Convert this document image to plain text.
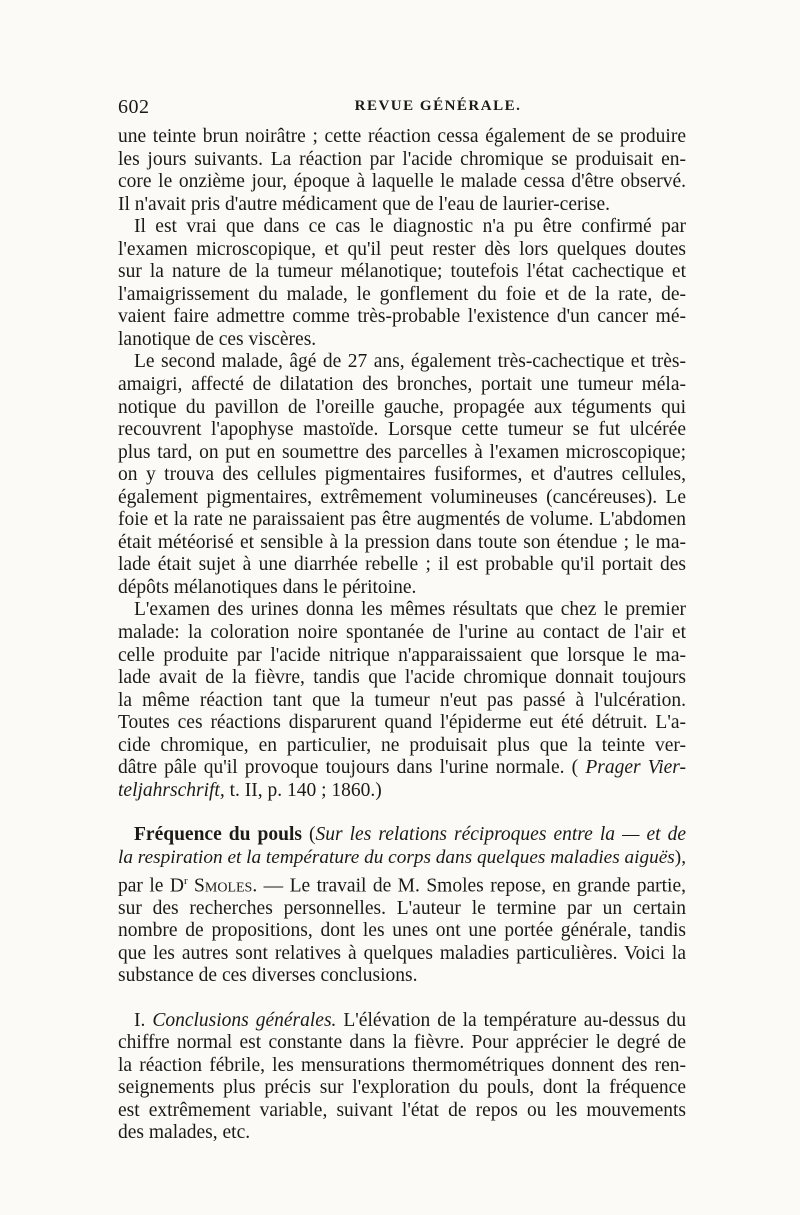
602	REVUE GÉNÉRALE.

une teinte brun noirâtre ; cette réaction cessa également de se produire
les jours suivants. La réaction par l'acide chromique se produisait en-
core le onzième jour, époque à laquelle le malade cessa d'être observé.
Il n'avait pris d'autre médicament que de l'eau de laurier-cerise.

Il est vrai que dans ce cas le diagnostic n'a pu être confirmé par
l'examen microscopique, et qu'il peut rester dès lors quelques doutes
sur la nature de la tumeur mélanotique; toutefois l'état cachectique et
l'amaigrissement du malade, le gonflement du foie et de la rate, de-
vaient faire admettre comme très-probable l'existence d'un cancer mé-
lanotique de ces viscères.

Le second malade, âgé de 27 ans, également très-cachectique et très-
amaigri, affecté de dilatation des bronches, portait une tumeur méla-
notique du pavillon de l'oreille gauche, propagée aux téguments qui
recouvrent l'apophyse mastoïde. Lorsque cette tumeur se fut ulcérée
plus tard, on put en soumettre des parcelles à l'examen microscopique;
on y trouva des cellules pigmentaires fusiformes, et d'autres cellules,
également pigmentaires, extrêmement volumineuses (cancéreuses). Le
foie et la rate ne paraissaient pas être augmentés de volume. L'abdomen
était météorisé et sensible à la pression dans toute son étendue ; le ma-
lade était sujet à une diarrhée rebelle ; il est probable qu'il portait des
dépôts mélanotiques dans le péritoine.

L'examen des urines donna les mêmes résultats que chez le premier
malade: la coloration noire spontanée de l'urine au contact de l'air et
celle produite par l'acide nitrique n'apparaissaient que lorsque le ma-
lade avait de la fièvre, tandis que l'acide chromique donnait toujours
la même réaction tant que la tumeur n'eut pas passé à l'ulcération.
Toutes ces réactions disparurent quand l'épiderme eut été détruit. L'a-
cide chromique, en particulier, ne produisait plus que la teinte ver-
dâtre pâle qu'il provoque toujours dans l'urine normale. ( Prager Vier-
teljahrschrift, t. II, p. 140 ; 1860.)

Fréquence du pouls (Sur les relations réciproques entre la — et de
la respiration et la température du corps dans quelques maladies aiguës),
par le $D^r$ Smoles. — Le travail de M. Smoles repose, en grande partie,
sur des recherches personnelles. L'auteur le termine par un certain
nombre de propositions, dont les unes ont une portée générale, tandis
que les autres sont relatives à quelques maladies particulières. Voici la
substance de ces diverses conclusions.

I. Conclusions générales. L'élévation de la température au-dessus du
chiffre normal est constante dans la fièvre. Pour apprécier le degré de
la réaction fébrile, les mensurations thermométriques donnent des ren-
seignements plus précis sur l'exploration du pouls, dont la fréquence
est extrêmement variable, suivant l'état de repos ou les mouvements
des malades, etc.
